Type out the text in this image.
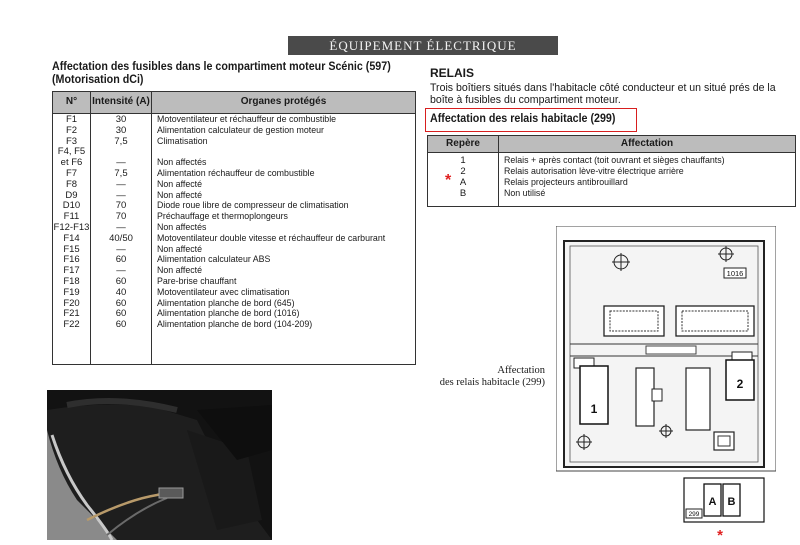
ÉQUIPEMENT ÉLECTRIQUE
Affectation des fusibles dans le compartiment moteur Scénic (597)
(Motorisation dCi)
N°	Intensité (A)	Organes protégés
F1	30	Motoventilateur et réchauffeur de combustible
F2	30	Alimentation calculateur de gestion moteur
F3	7,5	Climatisation
F4, F5
et F6	—	Non affectés
F7	7,5	Alimentation réchauffeur de combustible
F8	—	Non affecté
D9	—	Non affecté
D10	70	Diode roue libre de compresseur de climatisation
F11	70	Préchauffage et thermoplongeurs
F12-F13	—	Non affectés
F14	40/50	Motoventilateur double vitesse et réchauffeur de carburant
F15	—	Non affecté
F16	60	Alimentation calculateur ABS
F17	—	Non affecté
F18	60	Pare-brise chauffant
F19	40	Motoventilateur avec climatisation
F20	60	Alimentation planche de bord (645)
F21	60	Alimentation planche de bord (1016)
F22	60	Alimentation planche de bord (104-209)
RELAIS
Trois boîtiers situés dans l'habitacle côté conducteur et un situé prés de la boîte à fusibles du compartiment moteur.
Affectation des relais habitacle (299)
Repère	Affectation
1	Relais + après contact (toit ouvrant et sièges chauffants)
2	Relais autorisation lève-vitre électrique arrière
A	Relais projecteurs antibrouillard
B	Non utilisé
*
Affectation
des relais habitacle (299)
1016
1
2
A B
299
*
